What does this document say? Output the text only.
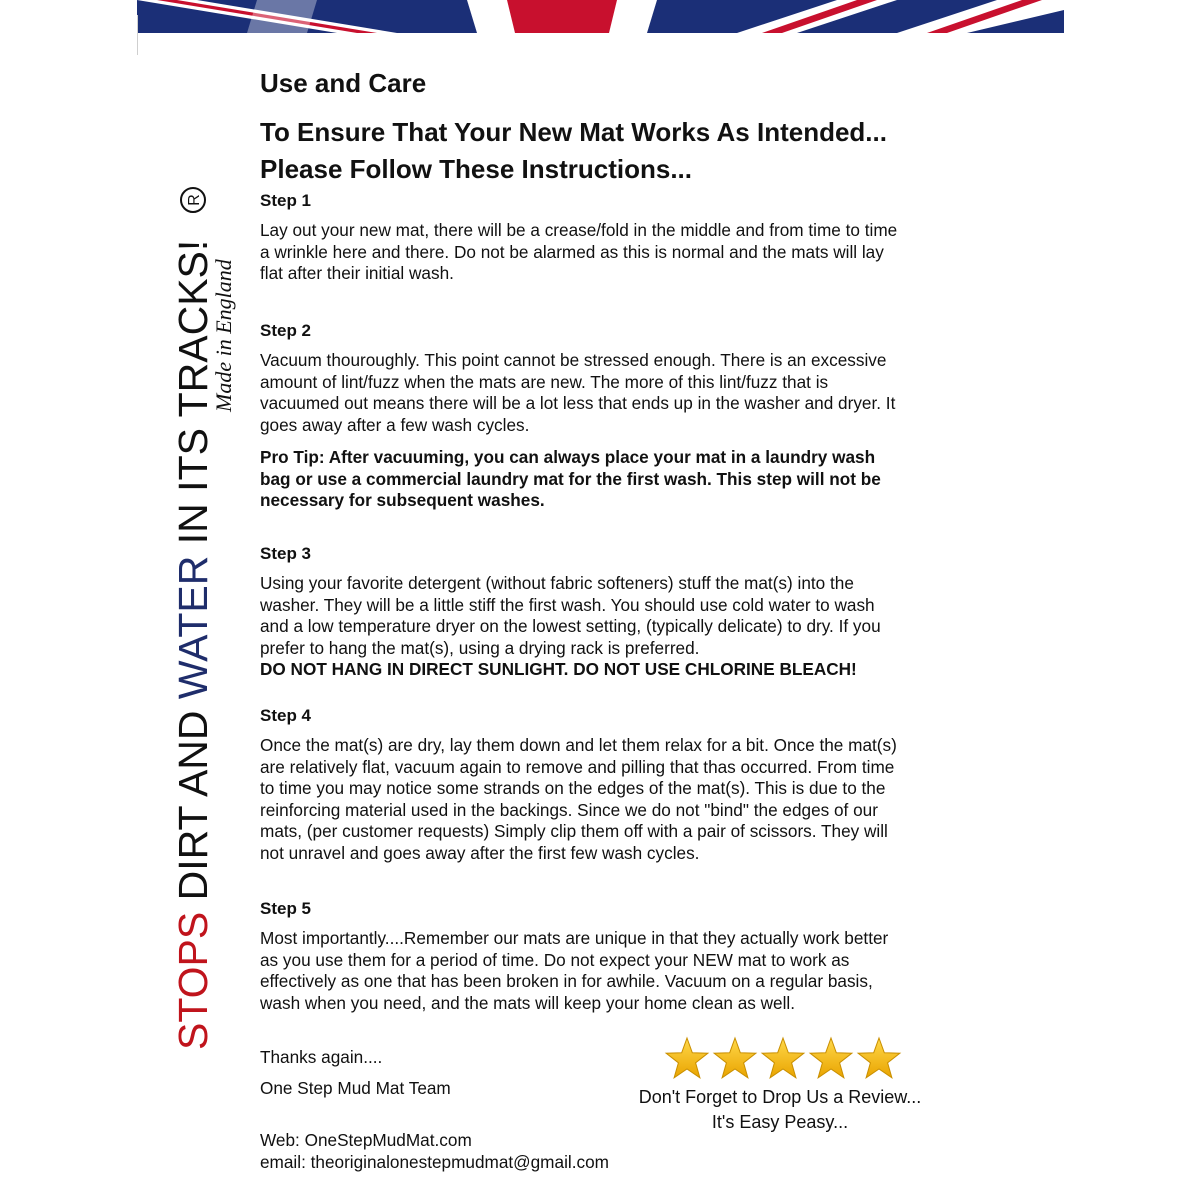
STOPS DIRT AND WATER IN ITS TRACKS!
R
Made in England
Use and Care
To Ensure That Your New Mat Works As Intended...
Please Follow These Instructions...
Step 1
Lay out your new mat, there will be a crease/fold in the middle and from time to time
a wrinkle here and there. Do not be alarmed as this is normal and the mats will lay
flat after their initial wash.
Step 2
Vacuum thouroughly. This point cannot be stressed enough. There is an excessive
amount of lint/fuzz when the mats are new. The more of this lint/fuzz that is
vacuumed out means there will be a lot less that ends up in the washer and dryer. It
goes away after a few wash cycles.
Pro Tip: After vacuuming, you can always place your mat in a laundry wash
bag or use a commercial laundry mat for the first wash. This step will not be
necessary for subsequent washes.
Step 3
Using your favorite detergent (without fabric softeners) stuff the mat(s) into the
washer. They will be a little stiff the first wash. You should use cold water to wash
and a low temperature dryer on the lowest setting, (typically delicate) to dry. If you
prefer to hang the mat(s), using a drying rack is preferred.
DO NOT HANG IN DIRECT SUNLIGHT. DO NOT USE CHLORINE BLEACH!
Step 4
Once the mat(s) are dry, lay them down and let them relax for a bit. Once the mat(s)
are relatively flat, vacuum again to remove and pilling that thas occurred. From time
to time you may notice some strands on the edges of the mat(s). This is due to the
reinforcing material used in the backings. Since we do not "bind" the edges of our
mats, (per customer requests) Simply clip them off with a pair of scissors. They will
not unravel and goes away after the first few wash cycles.
Step 5
Most importantly....Remember our mats are unique in that they actually work better
as you use them for a period of time. Do not expect your NEW mat to work as
effectively as one that has been broken in for awhile. Vacuum on a regular basis,
wash when you need, and the mats will keep your home clean as well.
Thanks again....
One Step Mud Mat Team
Web: OneStepMudMat.com
email: theoriginalonestepmudmat@gmail.com
Don't Forget to Drop Us a Review...
It's Easy Peasy...
